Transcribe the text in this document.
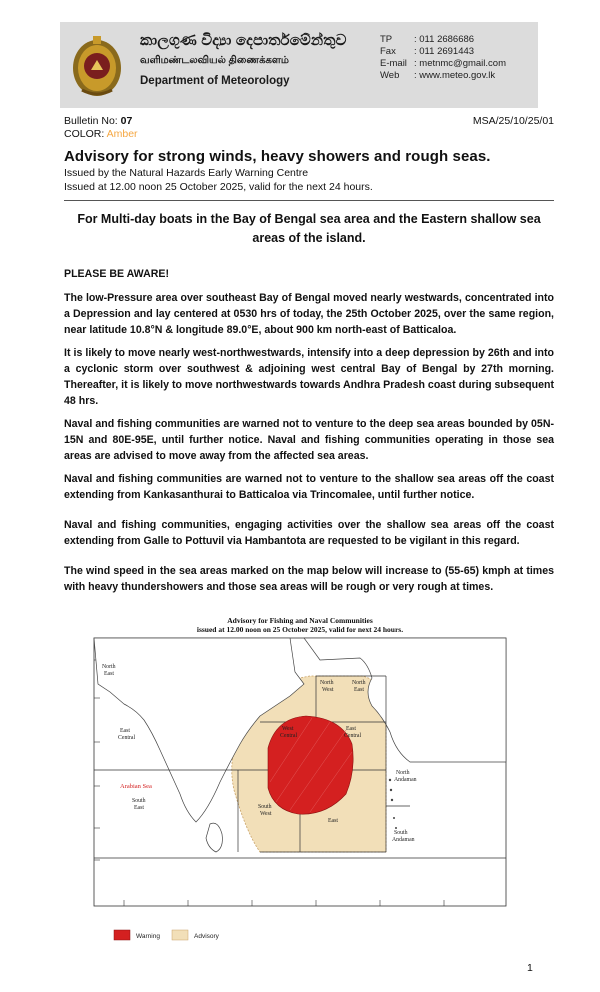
කාලගුණ විද්‍යා දෙපාර්තමේන්තුව
வளிமண்டலவியல் திணைக்களம்
Department of Meteorology
TP	: 011 2686686
Fax	: 011 2691443
E-mail : metnmc@gmail.com
Web	: www.meteo.gov.lk
Bulletin No: 07
COLOR: Amber
MSA/25/10/25/01
Advisory for strong winds, heavy showers and rough seas.
Issued by the Natural Hazards Early Warning Centre
Issued at 12.00 noon 25 October 2025, valid for the next 24 hours.
For Multi-day boats in the Bay of Bengal sea area and the Eastern shallow sea areas of the island.

PLEASE BE AWARE!

The low-Pressure area over southeast Bay of Bengal moved nearly westwards, concentrated into a Depression and lay centered at 0530 hrs of today, the 25th October 2025, over the same region, near latitude 10.8°N & longitude 89.0°E, about 900 km north-east of Batticaloa.

It is likely to move nearly west-northwestwards, intensify into a deep depression by 26th and into a cyclonic storm over southwest & adjoining west central Bay of Bengal by 27th morning. Thereafter, it is likely to move northwestwards towards Andhra Pradesh coast during subsequent 48 hrs.

Naval and fishing communities are warned not to venture to the deep sea areas bounded by 05N-15N and 80E-95E, until further notice. Naval and fishing communities operating in those sea areas are advised to move away from the affected sea areas.

Naval and fishing communities are warned not to venture to the shallow sea areas off the coast extending from Kankasanthurai to Batticaloa via Trincomalee, until further notice.

Naval and fishing communities, engaging activities over the shallow sea areas off the coast extending from Galle to Pottuvil via Hambantota are requested to be vigilant in this regard.

The wind speed in the sea areas marked on the map below will increase to (55-65) kmph at times with heavy thundershowers and those sea areas will be rough or very rough at times.

Advisory for Fishing and Naval Communities
issued at 12.00 noon on 25 October 2025, valid for next 24 hours.
North East
East Central
South East
North West
North East
West Central
East Central
North Andaman
South West
East
South Andaman
Arabian Sea
Warning	Advisory
1
